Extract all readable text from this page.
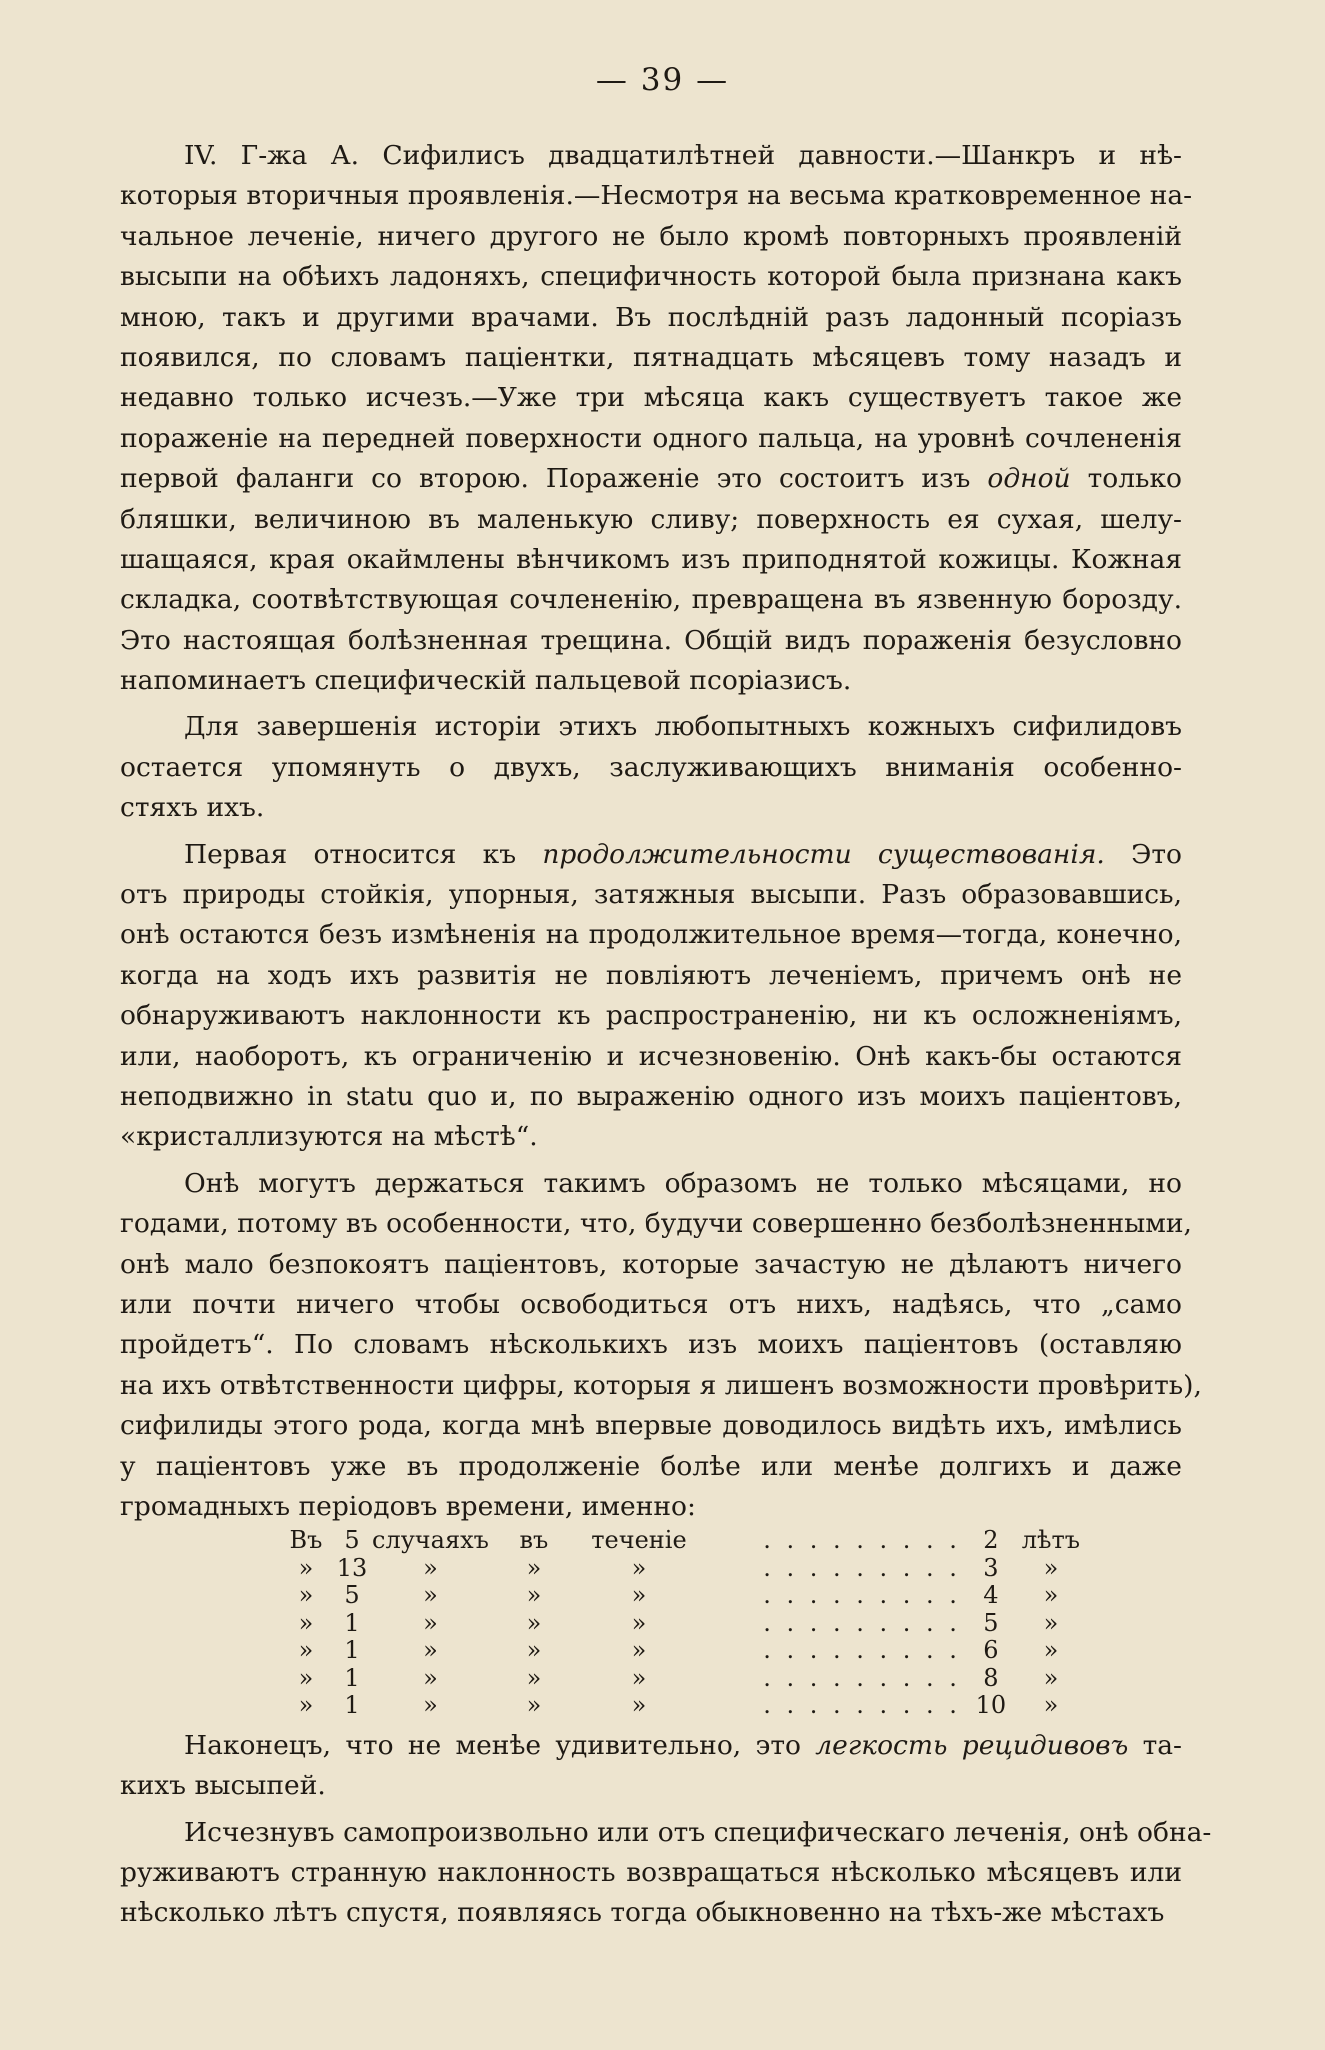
— 39 —
IV. Г-жа А. Сифилисъ двадцатилѣтней давности.—Шанкръ и нѣ-
которыя вторичныя проявленія.—Несмотря на весьма кратковременное на-
чальное леченіе, ничего другого не было кромѣ повторныхъ проявленій
высыпи на обѣихъ ладоняхъ, специфичность которой была признана какъ
мною, такъ и другими врачами. Въ послѣдній разъ ладонный псоріазъ
появился, по словамъ паціентки, пятнадцать мѣсяцевъ тому назадъ и
недавно только исчезъ.—Уже три мѣсяца какъ существуетъ такое же
пораженіе на передней поверхности одного пальца, на уровнѣ сочлененія
первой фаланги со второю. Пораженіе это состоитъ изъ одной только
бляшки, величиною въ маленькую сливу; поверхность ея сухая, шелу-
шащаяся, края окаймлены вѣнчикомъ изъ приподнятой кожицы. Кожная
складка, соотвѣтствующая сочлененію, превращена въ язвенную борозду.
Это настоящая болѣзненная трещина. Общій видъ пораженія безусловно
напоминаетъ специфическій пальцевой псоріазисъ.
Для завершенія исторіи этихъ любопытныхъ кожныхъ сифилидовъ
остается упомянуть о двухъ, заслуживающихъ вниманія особенно-
стяхъ ихъ.
Первая относится къ продолжительности существованія. Это
отъ природы стойкія, упорныя, затяжныя высыпи. Разъ образовавшись,
онѣ остаются безъ измѣненія на продолжительное время—тогда, конечно,
когда на ходъ ихъ развитія не повліяютъ леченіемъ, причемъ онѣ не
обнаруживаютъ наклонности къ распространенію, ни къ осложненіямъ,
или, наоборотъ, къ ограниченію и исчезновенію. Онѣ какъ-бы остаются
неподвижно in statu quo и, по выраженію одного изъ моихъ паціентовъ,
«кристаллизуются на мѣстѣ“.
Онѣ могутъ держаться такимъ образомъ не только мѣсяцами, но
годами, потому въ особенности, что, будучи совершенно безболѣзненными,
онѣ мало безпокоятъ паціентовъ, которые зачастую не дѣлаютъ ничего
или почти ничего чтобы освободиться отъ нихъ, надѣясь, что „само
пройдетъ“. По словамъ нѣсколькихъ изъ моихъ паціентовъ (оставляю
на ихъ отвѣтственности цифры, которыя я лишенъ возможности провѣрить),
сифилиды этого рода, когда мнѣ впервые доводилось видѣть ихъ, имѣлись
у паціентовъ уже въ продолженіе болѣе или менѣе долгихъ и даже
громадныхъ періодовъ времени, именно:
Въ	5	случаяхъ	въ	теченіе	. . . . . . . . .	2	лѣтъ
»	13	»	»	»	. . . . . . . . .	3	»
»	5	»	»	»	. . . . . . . . .	4	»
»	1	»	»	»	. . . . . . . . .	5	»
»	1	»	»	»	. . . . . . . . .	6	»
»	1	»	»	»	. . . . . . . . .	8	»
»	1	»	»	»	. . . . . . . . .	10	»
Наконецъ, что не менѣе удивительно, это легкость рецидивовъ та-
кихъ высыпей.
Исчезнувъ самопроизвольно или отъ специфическаго леченія, онѣ обна-
руживаютъ странную наклонность возвращаться нѣсколько мѣсяцевъ или
нѣсколько лѣтъ спустя, появляясь тогда обыкновенно на тѣхъ-же мѣстахъ
